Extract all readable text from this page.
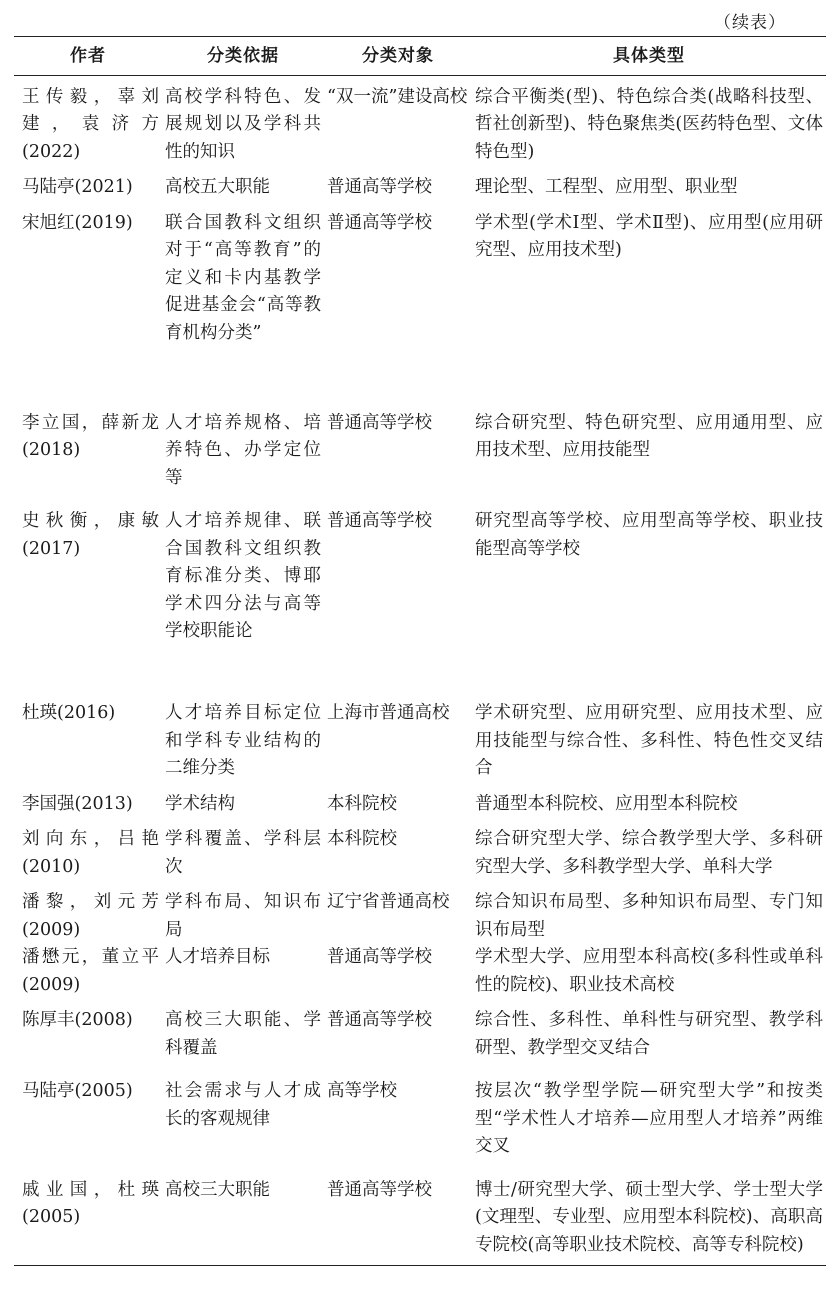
（续表）
作者	分类依据	分类对象	具体类型
王传毅，辜刘建，袁济方(2022)	高校学科特色、发展规划以及学科共性的知识	“双一流”建设高校	综合平衡类(型)、特色综合类(战略科技型、哲社创新型)、特色聚焦类(医药特色型、文体特色型)
马陆亭(2021)	高校五大职能	普通高等学校	理论型、工程型、应用型、职业型
宋旭红(2019)	联合国教科文组织对于“高等教育”的定义和卡内基教学促进基金会“高等教育机构分类”	普通高等学校	学术型(学术Ⅰ型、学术Ⅱ型)、应用型(应用研究型、应用技术型)
李立国，薛新龙(2018)	人才培养规格、培养特色、办学定位等	普通高等学校	综合研究型、特色研究型、应用通用型、应用技术型、应用技能型
史秋衡，康敏(2017)	人才培养规律、联合国教科文组织教育标准分类、博耶学术四分法与高等学校职能论	普通高等学校	研究型高等学校、应用型高等学校、职业技能型高等学校
杜瑛(2016)	人才培养目标定位和学科专业结构的二维分类	上海市普通高校	学术研究型、应用研究型、应用技术型、应用技能型与综合性、多科性、特色性交叉结合
李国强(2013)	学术结构	本科院校	普通型本科院校、应用型本科院校
刘向东，吕艳(2010)	学科覆盖、学科层次	本科院校	综合研究型大学、综合教学型大学、多科研究型大学、多科教学型大学、单科大学
潘黎，刘元芳(2009)	学科布局、知识布局	辽宁省普通高校	综合知识布局型、多种知识布局型、专门知识布局型
潘懋元，董立平(2009)	人才培养目标	普通高等学校	学术型大学、应用型本科高校(多科性或单科性的院校)、职业技术高校
陈厚丰(2008)	高校三大职能、学科覆盖	普通高等学校	综合性、多科性、单科性与研究型、教学科研型、教学型交叉结合
马陆亭(2005)	社会需求与人才成长的客观规律	高等学校	按层次“教学型学院—研究型大学”和按类型“学术性人才培养—应用型人才培养”两维交叉
戚业国，杜瑛(2005)	高校三大职能	普通高等学校	博士/研究型大学、硕士型大学、学士型大学(文理型、专业型、应用型本科院校)、高职高专院校(高等职业技术院校、高等专科院校)
